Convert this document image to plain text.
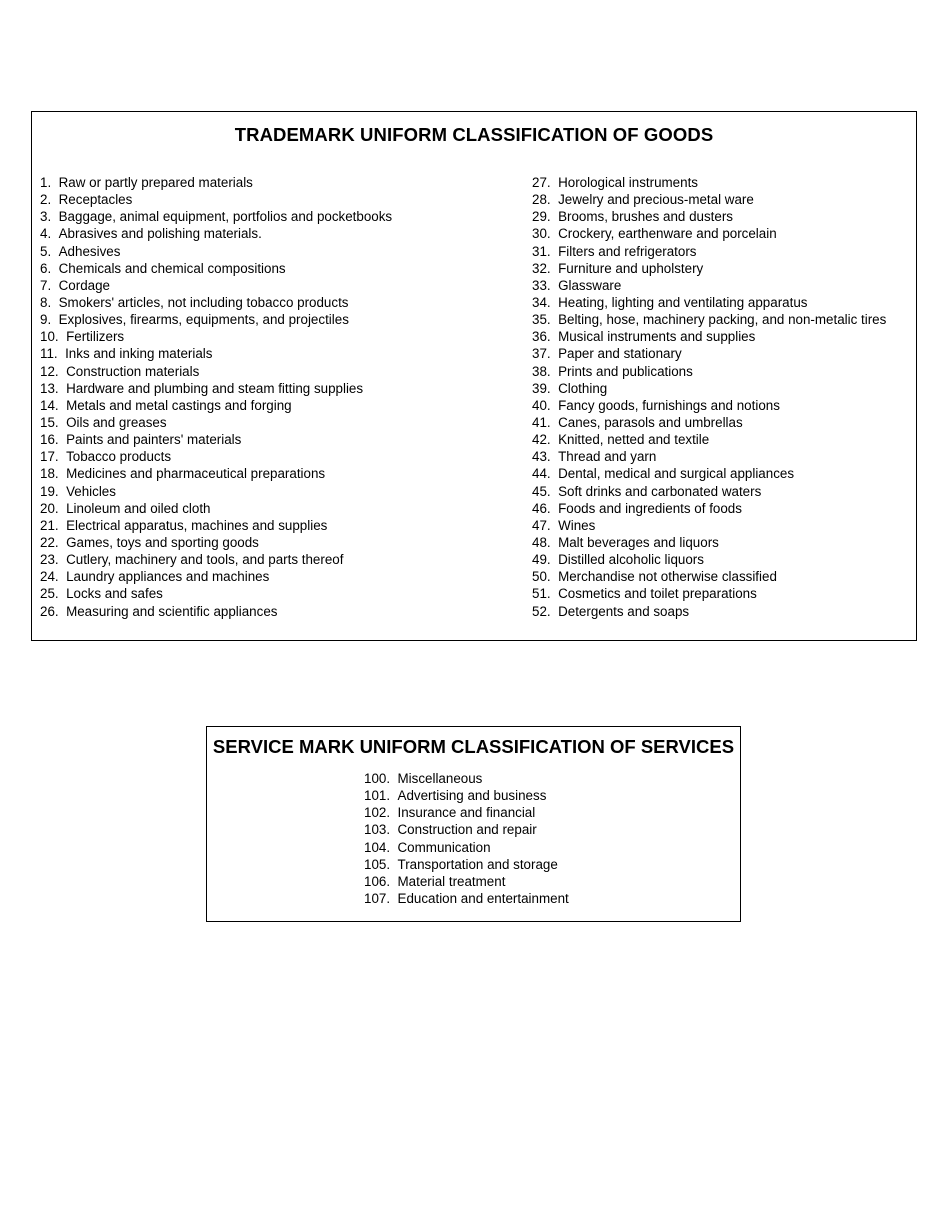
TRADEMARK UNIFORM CLASSIFICATION OF GOODS
1. Raw or partly prepared materials
2. Receptacles
3. Baggage, animal equipment, portfolios and pocketbooks
4. Abrasives and polishing materials.
5. Adhesives
6. Chemicals and chemical compositions
7. Cordage
8. Smokers' articles, not including tobacco products
9. Explosives, firearms, equipments, and projectiles
10. Fertilizers
11. Inks and inking materials
12. Construction materials
13. Hardware and plumbing and steam fitting supplies
14. Metals and metal castings and forging
15. Oils and greases
16. Paints and painters' materials
17. Tobacco products
18. Medicines and pharmaceutical preparations
19. Vehicles
20. Linoleum and oiled cloth
21. Electrical apparatus, machines and supplies
22. Games, toys and sporting goods
23. Cutlery, machinery and tools, and parts thereof
24. Laundry appliances and machines
25. Locks and safes
26. Measuring and scientific appliances
27. Horological instruments
28. Jewelry and precious-metal ware
29. Brooms, brushes and dusters
30. Crockery, earthenware and porcelain
31. Filters and refrigerators
32. Furniture and upholstery
33. Glassware
34. Heating, lighting and ventilating apparatus
35. Belting, hose, machinery packing, and non-metalic tires
36. Musical instruments and supplies
37. Paper and stationary
38. Prints and publications
39. Clothing
40. Fancy goods, furnishings and notions
41. Canes, parasols and umbrellas
42. Knitted, netted and textile
43. Thread and yarn
44. Dental, medical and surgical appliances
45. Soft drinks and carbonated waters
46. Foods and ingredients of foods
47. Wines
48. Malt beverages and liquors
49. Distilled alcoholic liquors
50. Merchandise not otherwise classified
51. Cosmetics and toilet preparations
52. Detergents and soaps
SERVICE MARK UNIFORM CLASSIFICATION OF SERVICES
100. Miscellaneous
101. Advertising and business
102. Insurance and financial
103. Construction and repair
104. Communication
105. Transportation and storage
106. Material treatment
107. Education and entertainment
